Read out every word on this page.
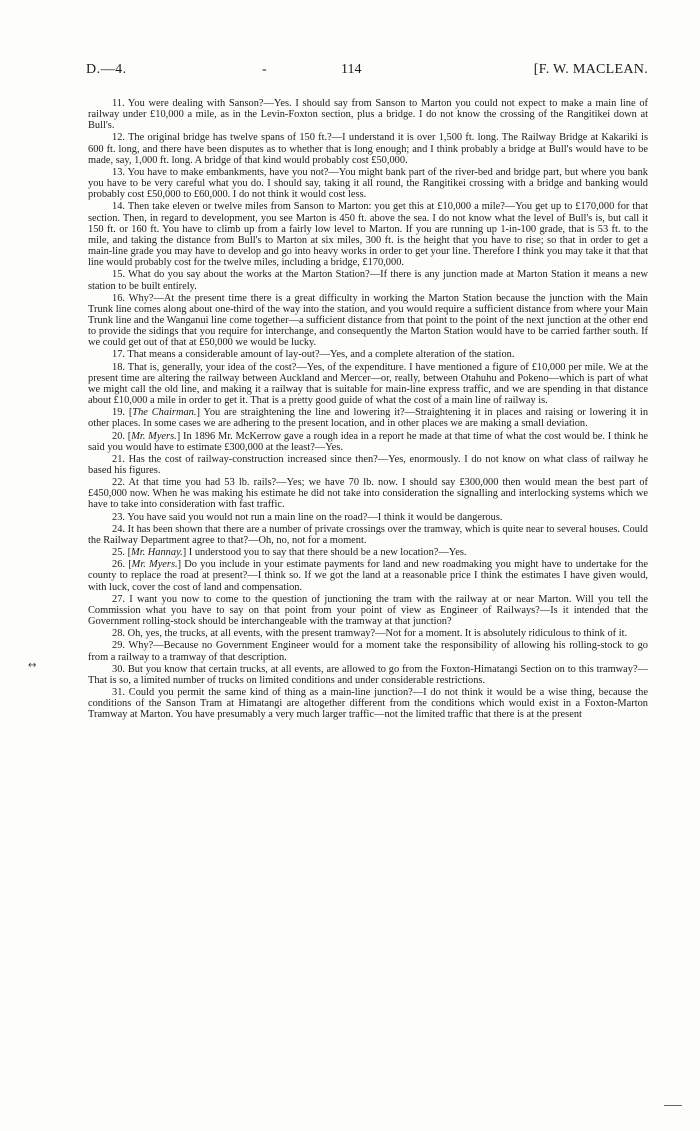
D.—4.	-	114	[F. W. MACLEAN.

11. You were dealing with Sanson?—Yes. I should say from Sanson to Marton you could not expect to make a main line of railway under £10,000 a mile, as in the Levin-Foxton section, plus a bridge. I do not know the crossing of the Rangitikei down at Bull's.

12. The original bridge has twelve spans of 150 ft.?—I understand it is over 1,500 ft. long. The Railway Bridge at Kakariki is 600 ft. long, and there have been disputes as to whether that is long enough; and I think probably a bridge at Bull's would have to be made, say, 1,000 ft. long. A bridge of that kind would probably cost £50,000.

13. You have to make embankments, have you not?—You might bank part of the river-bed and bridge part, but where you bank you have to be very careful what you do. I should say, taking it all round, the Rangitikei crossing with a bridge and banking would probably cost £50,000 to £60,000. I do not think it would cost less.

14. Then take eleven or twelve miles from Sanson to Marton: you get this at £10,000 a mile?—You get up to £170,000 for that section. Then, in regard to development, you see Marton is 450 ft. above the sea. I do not know what the level of Bull's is, but call it 150 ft. or 160 ft. You have to climb up from a fairly low level to Marton. If you are running up 1-in-100 grade, that is 53 ft. to the mile, and taking the distance from Bull's to Marton at six miles, 300 ft. is the height that you have to rise; so that in order to get a main-line grade you may have to develop and go into heavy works in order to get your line. Therefore I think you may take it that that line would probably cost for the twelve miles, including a bridge, £170,000.

15. What do you say about the works at the Marton Station?—If there is any junction made at Marton Station it means a new station to be built entirely.

16. Why?—At the present time there is a great difficulty in working the Marton Station because the junction with the Main Trunk line comes along about one-third of the way into the station, and you would require a sufficient distance from where your Main Trunk line and the Wanganui line come together—a sufficient distance from that point to the point of the next junction at the other end to provide the sidings that you require for interchange, and consequently the Marton Station would have to be carried farther south. If we could get out of that at £50,000 we would be lucky.

17. That means a considerable amount of lay-out?—Yes, and a complete alteration of the station.

18. That is, generally, your idea of the cost?—Yes, of the expenditure. I have mentioned a figure of £10,000 per mile. We at the present time are altering the railway between Auckland and Mercer—or, really, between Otahuhu and Pokeno—which is part of what we might call the old line, and making it a railway that is suitable for main-line express traffic, and we are spending in that distance about £10,000 a mile in order to get it. That is a pretty good guide of what the cost of a main line of railway is.

19. [The Chairman.] You are straightening the line and lowering it?—Straightening it in places and raising or lowering it in other places. In some cases we are adhering to the present location, and in other places we are making a small deviation.

20. [Mr. Myers.] In 1896 Mr. McKerrow gave a rough idea in a report he made at that time of what the cost would be. I think he said you would have to estimate £300,000 at the least?—Yes.

21. Has the cost of railway-construction increased since then?—Yes, enormously. I do not know on what class of railway he based his figures.

22. At that time you had 53 lb. rails?—Yes; we have 70 lb. now. I should say £300,000 then would mean the best part of £450,000 now. When he was making his estimate he did not take into consideration the signalling and interlocking systems which we have to take into consideration with fast traffic.

23. You have said you would not run a main line on the road?—I think it would be dangerous.

24. It has been shown that there are a number of private crossings over the tramway, which is quite near to several houses. Could the Railway Department agree to that?—Oh, no, not for a moment.

25. [Mr. Hannay.] I understood you to say that there should be a new location?—Yes.

26. [Mr. Myers.] Do you include in your estimate payments for land and new roadmaking you might have to undertake for the county to replace the road at present?—I think so. If we got the land at a reasonable price I think the estimates I have given would, with luck, cover the cost of land and compensation.

27. I want you now to come to the question of junctioning the tram with the railway at or near Marton. Will you tell the Commission what you have to say on that point from your point of view as Engineer of Railways?—Is it intended that the Government rolling-stock should be interchangeable with the tramway at that junction?

28. Oh, yes, the trucks, at all events, with the present tramway?—Not for a moment. It is absolutely ridiculous to think of it.

29. Why?—Because no Government Engineer would for a moment take the responsibility of allowing his rolling-stock to go from a railway to a tramway of that description.

30. But you know that certain trucks, at all events, are allowed to go from the Foxton-Himatangi Section on to this tramway?—That is so, a limited number of trucks on limited conditions and under considerable restrictions.

31. Could you permit the same kind of thing as a main-line junction?—I do not think it would be a wise thing, because the conditions of the Sanson Tram at Himatangi are altogether different from the conditions which would exist in a Foxton-Marton Tramway at Marton. You have presumably a very much larger traffic—not the limited traffic that there is at the present

↔
